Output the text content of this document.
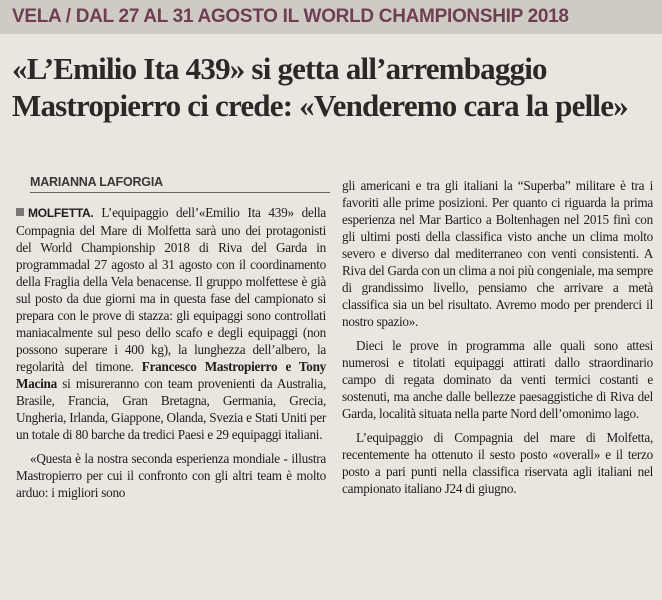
VELA / DAL 27 AL 31 AGOSTO IL WORLD CHAMPIONSHIP 2018
«L’Emilio Ita 439» si getta all’arrembaggio
Mastropierro ci crede: «Venderemo cara la pelle»
MARIANNA LAFORGIA

MOLFETTA. L’equipaggio dell’«Emilio Ita 439» della Compagnia del Mare di Molfetta sarà uno dei protagonisti del World Championship 2018 di Riva del Garda in programmadal 27 agosto al 31 agosto con il coordinamento della Fraglia della Vela benacense. Il gruppo molfettese è già sul posto da due giorni ma in questa fase del campionato si prepara con le prove di stazza: gli equipaggi sono controllati maniacalmente sul peso dello scafo e degli equipaggi (non possono superare i 400 kg), la lunghezza dell’albero, la regolarità del timone. Francesco Mastropierro e Tony Macina si misureranno con team provenienti da Australia, Brasile, Francia, Gran Bretagna, Germania, Grecia, Ungheria, Irlanda, Giappone, Olanda, Svezia e Stati Uniti per un totale di 80 barche da tredici Paesi e 29 equipaggi italiani.

«Questa è la nostra seconda esperienza mondiale - illustra Mastropierro per cui il confronto con gli altri team è molto arduo: i migliori sono

gli americani e tra gli italiani la “Superba” militare è tra i favoriti alle prime posizioni. Per quanto ci riguarda la prima esperienza nel Mar Bartico a Boltenhagen nel 2015 finì con gli ultimi posti della classifica visto anche un clima molto severo e diverso dal mediterraneo con venti consistenti. A Riva del Garda con un clima a noi più congeniale, ma sempre di grandissimo livello, pensiamo che arrivare a metà classifica sia un bel risultato. Avremo modo per prenderci il nostro spazio».

Dieci le prove in programma alle quali sono attesi numerosi e titolati equipaggi attirati dallo straordinario campo di regata dominato da venti termici costanti e sostenuti, ma anche dalle bellezze paesaggistiche di Riva del Garda, località situata nella parte Nord dell’omonimo lago.

L’equipaggio di Compagnia del mare di Molfetta, recentemente ha ottenuto il sesto posto «overall» e il terzo posto a pari punti nella classifica riservata agli italiani nel campionato italiano J24 di giugno.
